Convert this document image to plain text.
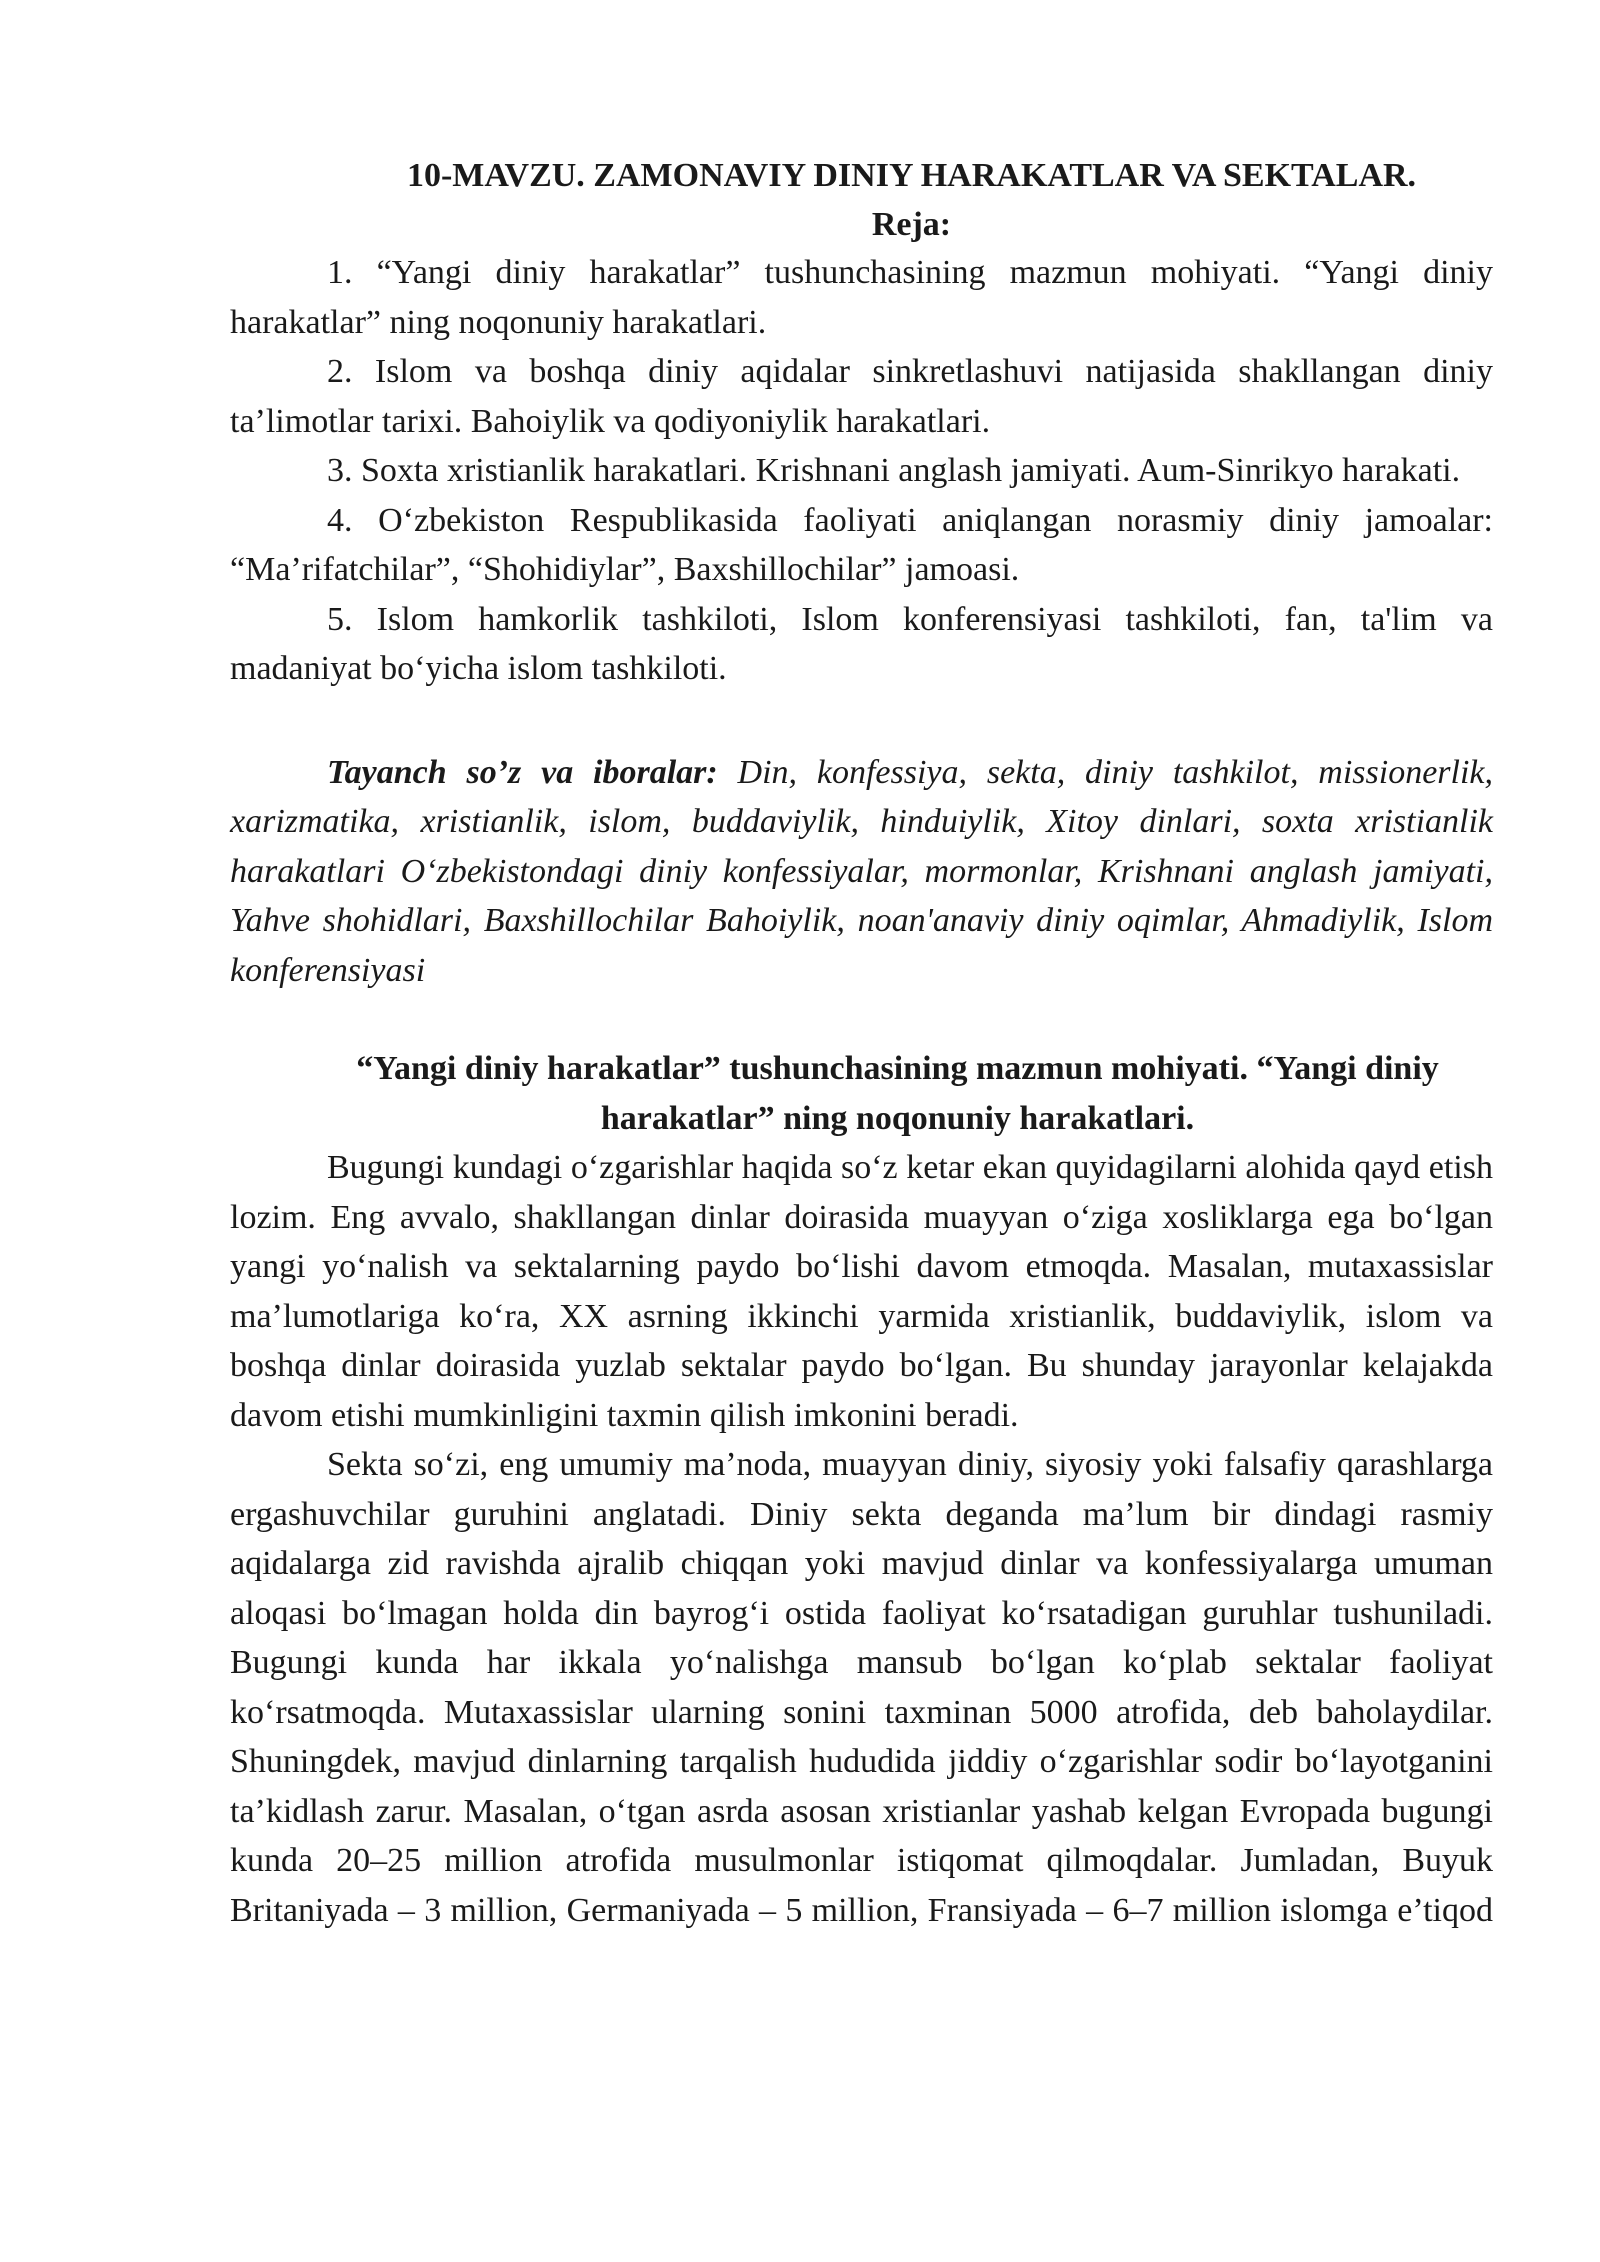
10-MAVZU. ZAMONAVIY DINIY HARAKATLAR VA SEKTALAR.

Reja:

1. “Yangi diniy harakatlar” tushunchasining mazmun mohiyati. “Yangi diniy harakatlar” ning noqonuniy harakatlari.

2. Islom va boshqa diniy aqidalar sinkretlashuvi natijasida shakllangan diniy ta’limotlar tarixi. Bahoiylik va qodiyoniylik harakatlari.

3. Soxta xristianlik harakatlari. Krishnani anglash jamiyati. Aum-Sinrikyo harakati.

4. O‘zbekiston Respublikasida faoliyati aniqlangan norasmiy diniy jamoalar: “Ma’rifatchilar”, “Shohidiylar”, Baxshillochilar” jamoasi.

5. Islom hamkorlik tashkiloti, Islom konferensiyasi tashkiloti, fan, ta'lim va madaniyat bo‘yicha islom tashkiloti.

Tayanch so’z va iboralar: Din, konfessiya, sekta, diniy tashkilot, missionerlik, xarizmatika, xristianlik, islom, buddaviylik, hinduiylik, Xitoy dinlari, soxta xristianlik harakatlari O‘zbekistondagi diniy konfessiyalar, mormonlar, Krishnani anglash jamiyati, Yahve shohidlari, Baxshillochilar Bahoiylik, noan'anaviy diniy oqimlar, Ahmadiylik, Islom konferensiyasi

“Yangi diniy harakatlar” tushunchasining mazmun mohiyati. “Yangi diniy harakatlar” ning noqonuniy harakatlari.

Bugungi kundagi o‘zgarishlar haqida so‘z ketar ekan quyidagilarni alohida qayd etish lozim. Eng avvalo, shakllangan dinlar doirasida muayyan o‘ziga xosliklarga ega bo‘lgan yangi yo‘nalish va sektalarning paydo bo‘lishi davom etmoqda. Masalan, mutaxassislar ma’lumotlariga ko‘ra, XX asrning ikkinchi yarmida xristianlik, buddaviylik, islom va boshqa dinlar doirasida yuzlab sektalar paydo bo‘lgan. Bu shunday jarayonlar kelajakda davom etishi mumkinligini taxmin qilish imkonini beradi.

Sekta so‘zi, eng umumiy ma’noda, muayyan diniy, siyosiy yoki falsafiy qarashlarga ergashuvchilar guruhini anglatadi. Diniy sekta deganda ma’lum bir dindagi rasmiy aqidalarga zid ravishda ajralib chiqqan yoki mavjud dinlar va konfessiyalarga umuman aloqasi bo‘lmagan holda din bayrog‘i ostida faoliyat ko‘rsatadigan guruhlar tushuniladi. Bugungi kunda har ikkala yo‘nalishga mansub bo‘lgan ko‘plab sektalar faoliyat ko‘rsatmoqda. Mutaxassislar ularning sonini taxminan 5000 atrofida, deb baholaydilar. Shuningdek, mavjud dinlarning tarqalish hududida jiddiy o‘zgarishlar sodir bo‘layotganini ta’kidlash zarur. Masalan, o‘tgan asrda asosan xristianlar yashab kelgan Evropada bugungi kunda 20–25 million atrofida musulmonlar istiqomat qilmoqdalar. Jumladan, Buyuk Britaniyada – 3 million, Germaniyada – 5 million, Fransiyada – 6–7 million islomga e’tiqod
